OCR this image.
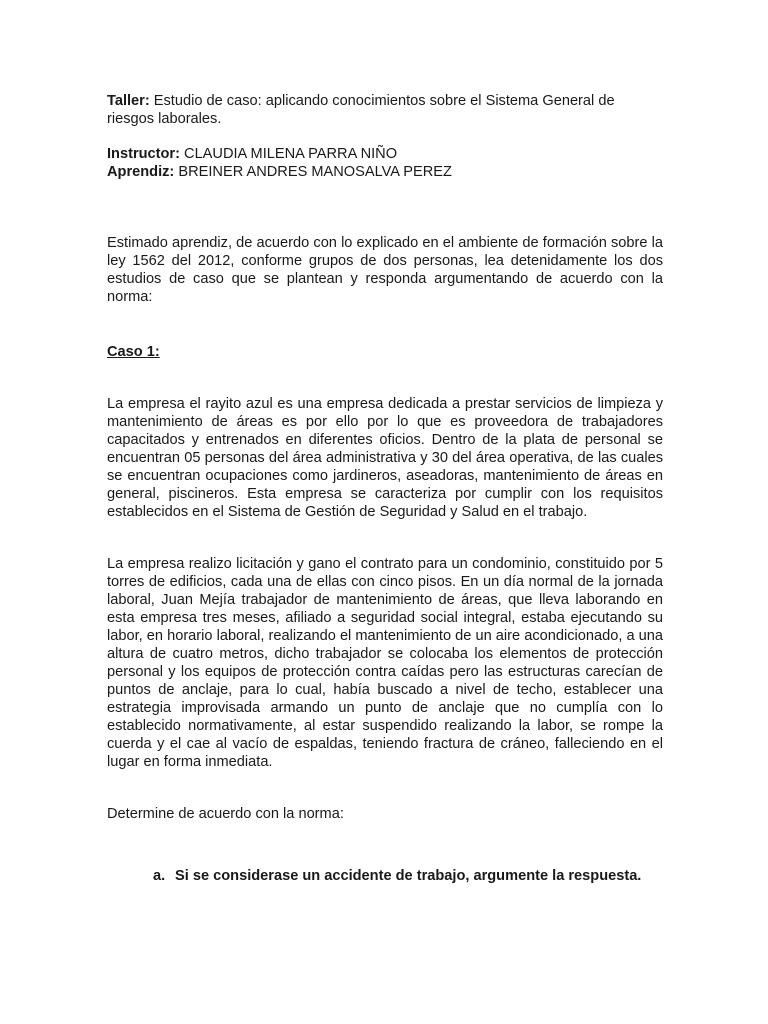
Taller: Estudio de caso: aplicando conocimientos sobre el Sistema General de riesgos laborales.

Instructor: CLAUDIA MILENA PARRA NIÑO

Aprendiz: BREINER ANDRES MANOSALVA PEREZ

Estimado aprendiz, de acuerdo con lo explicado en el ambiente de formación sobre la ley 1562 del 2012, conforme grupos de dos personas, lea detenidamente los dos estudios de caso que se plantean y responda argumentando de acuerdo con la norma:

Caso 1:

La empresa el rayito azul es una empresa dedicada a prestar servicios de limpieza y mantenimiento de áreas es por ello por lo que es proveedora de trabajadores capacitados y entrenados en diferentes oficios. Dentro de la plata de personal se encuentran 05 personas del área administrativa y 30 del área operativa, de las cuales se encuentran ocupaciones como jardineros, aseadoras, mantenimiento de áreas en general, piscineros. Esta empresa se caracteriza por cumplir con los requisitos establecidos en el Sistema de Gestión de Seguridad y Salud en el trabajo.

La empresa realizo licitación y gano el contrato para un condominio, constituido por 5 torres de edificios, cada una de ellas con cinco pisos. En un día normal de la jornada laboral, Juan Mejía trabajador de mantenimiento de áreas, que lleva laborando en esta empresa tres meses, afiliado a seguridad social integral, estaba ejecutando su labor, en horario laboral, realizando el mantenimiento de un aire acondicionado, a una altura de cuatro metros, dicho trabajador se colocaba los elementos de protección personal y los equipos de protección contra caídas pero las estructuras carecían de puntos de anclaje, para lo cual, había buscado a nivel de techo, establecer una estrategia improvisada armando un punto de anclaje que no cumplía con lo establecido normativamente, al estar suspendido realizando la labor, se rompe la cuerda y el cae al vacío de espaldas, teniendo fractura de cráneo, falleciendo en el lugar en forma inmediata.

Determine de acuerdo con la norma:

a. Si se considerase un accidente de trabajo, argumente la respuesta.
